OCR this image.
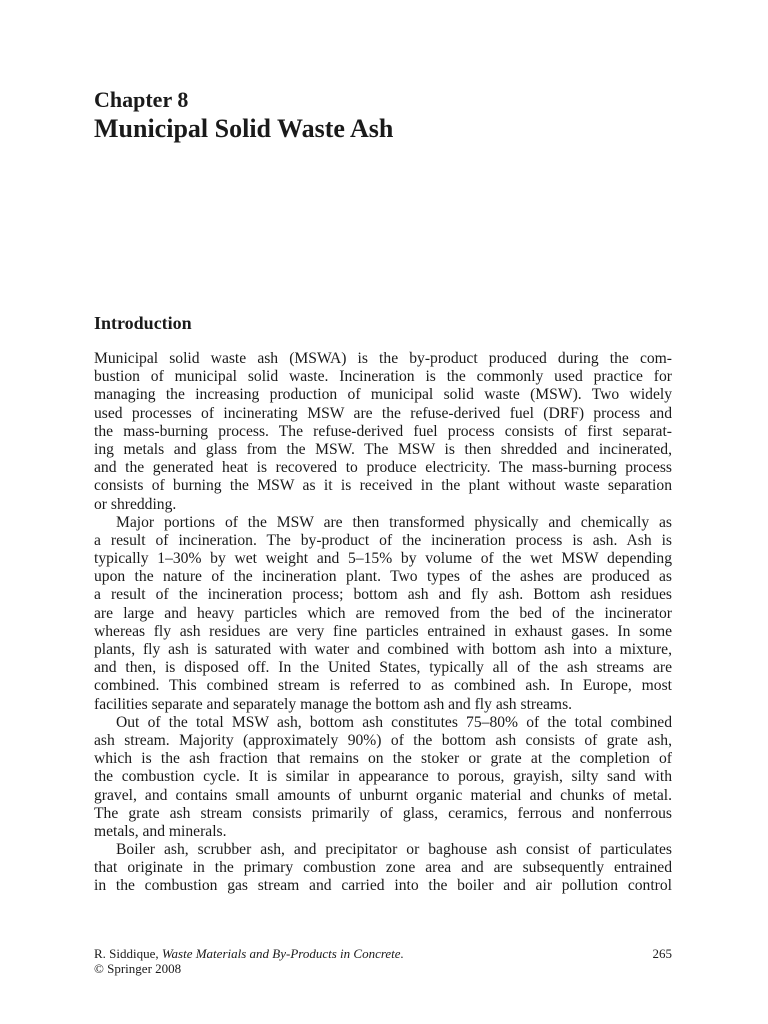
Chapter 8
Municipal Solid Waste Ash
Introduction
Municipal solid waste ash (MSWA) is the by-product produced during the com-
bustion of municipal solid waste. Incineration is the commonly used practice for
managing the increasing production of municipal solid waste (MSW). Two widely
used processes of incinerating MSW are the refuse-derived fuel (DRF) process and
the mass-burning process. The refuse-derived fuel process consists of first separat-
ing metals and glass from the MSW. The MSW is then shredded and incinerated,
and the generated heat is recovered to produce electricity. The mass-burning process
consists of burning the MSW as it is received in the plant without waste separation
or shredding.
Major portions of the MSW are then transformed physically and chemically as
a result of incineration. The by-product of the incineration process is ash. Ash is
typically 1–30% by wet weight and 5–15% by volume of the wet MSW depending
upon the nature of the incineration plant. Two types of the ashes are produced as
a result of the incineration process; bottom ash and fly ash. Bottom ash residues
are large and heavy particles which are removed from the bed of the incinerator
whereas fly ash residues are very fine particles entrained in exhaust gases. In some
plants, fly ash is saturated with water and combined with bottom ash into a mixture,
and then, is disposed off. In the United States, typically all of the ash streams are
combined. This combined stream is referred to as combined ash. In Europe, most
facilities separate and separately manage the bottom ash and fly ash streams.
Out of the total MSW ash, bottom ash constitutes 75–80% of the total combined
ash stream. Majority (approximately 90%) of the bottom ash consists of grate ash,
which is the ash fraction that remains on the stoker or grate at the completion of
the combustion cycle. It is similar in appearance to porous, grayish, silty sand with
gravel, and contains small amounts of unburnt organic material and chunks of metal.
The grate ash stream consists primarily of glass, ceramics, ferrous and nonferrous
metals, and minerals.
Boiler ash, scrubber ash, and precipitator or baghouse ash consist of particulates
that originate in the primary combustion zone area and are subsequently entrained
in the combustion gas stream and carried into the boiler and air pollution control
R. Siddique, Waste Materials and By-Products in Concrete.	265
© Springer 2008
